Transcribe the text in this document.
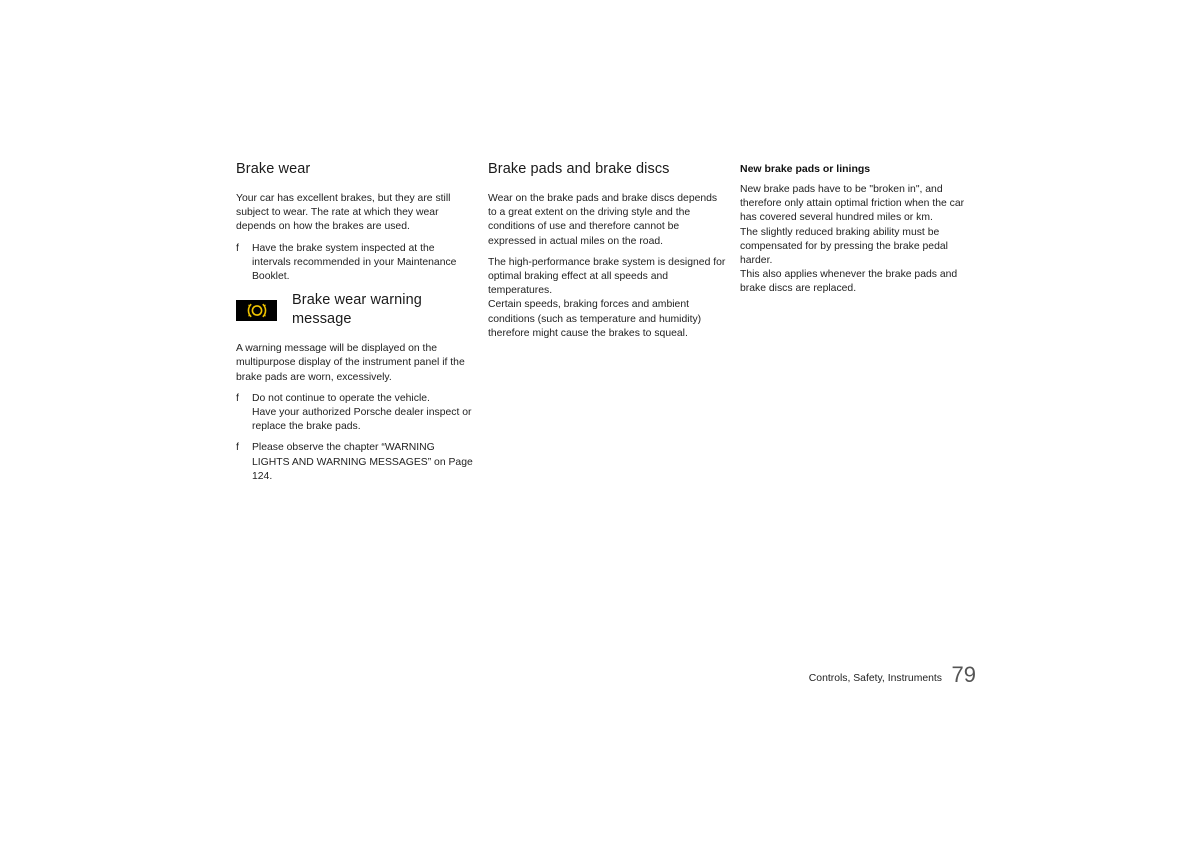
Brake wear

Your car has excellent brakes, but they are still subject to wear. The rate at which they wear depends on how the brakes are used.

f	Have the brake system inspected at the intervals recommended in your Maintenance Booklet.
Brake wear warning message

A warning message will be displayed on the multipurpose display of the instrument panel if the brake pads are worn, excessively.

f	Do not continue to operate the vehicle.
Have your authorized Porsche dealer inspect or replace the brake pads.
f	Please observe the chapter “WARNING LIGHTS AND WARNING MESSAGES” on Page 124.
Brake pads and brake discs

Wear on the brake pads and brake discs depends to a great extent on the driving style and the conditions of use and therefore cannot be expressed in actual miles on the road.

The high-performance brake system is designed for optimal braking effect at all speeds and temperatures.

Certain speeds, braking forces and ambient conditions (such as temperature and humidity) therefore might cause the brakes to squeal.

New brake pads or linings

New brake pads have to be "broken in", and therefore only attain optimal friction when the car has covered several hundred miles or km.

The slightly reduced braking ability must be compensated for by pressing the brake pedal harder.

This also applies whenever the brake pads and brake discs are replaced.

Controls, Safety, Instruments 79
